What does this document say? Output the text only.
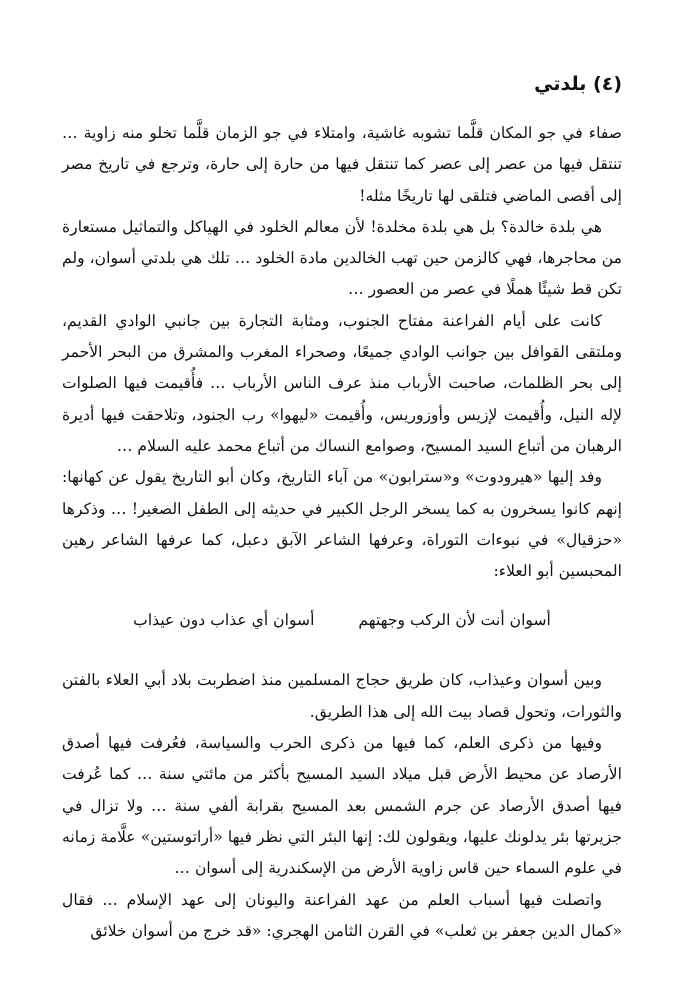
(٤) بلدتي

صفاء في جو المكان قلَّما تشوبه غاشية، وامتلاء في جو الزمان قلَّما تخلو منه زاوية … تنتقل فيها من عصر إلى عصر كما تنتقل فيها من حارة إلى حارة، وترجع في تاريخ مصر إلى أقصى الماضي فتلقى لها تاريخًا مثله!

هي بلدة خالدة؟ بل هي بلدة مخلدة! لأن معالم الخلود في الهياكل والتماثيل مستعارة من محاجرها، فهي كالزمن حين تهب الخالدين مادة الخلود … تلك هي بلدتي أسوان، ولم تكن قط شيئًا هملًا في عصر من العصور …

كانت على أيام الفراعنة مفتاح الجنوب، ومثابة التجارة بين جانبي الوادي القديم، وملتقى القوافل بين جوانب الوادي جميعًا، وصحراء المغرب والمشرق من البحر الأحمر إلى بحر الظلمات، صاحبت الأرباب منذ عرف الناس الأرباب … فأُقيمت فيها الصلوات لإله النيل، وأُقيمت لإزيس وأوزوريس، وأُقيمت «ليهوا» رب الجنود، وتلاحقت فيها أديرة الرهبان من أتباع السيد المسيح، وصوامع النساك من أتباع محمد عليه السلام …

وفد إليها «هيرودوت» و«سترابون» من آباء التاريخ، وكان أبو التاريخ يقول عن كهانها: إنهم كانوا يسخرون به كما يسخر الرجل الكبير في حديثه إلى الطفل الصغير! … وذكرها «حزقيال» في نبوءات التوراة، وعرفها الشاعر الآبق دعبل، كما عرفها الشاعر رهين المحبسين أبو العلاء:

أسوان أنت لأن الركب وجهتهم
أسوان أي عذاب دون عيذاب

وبين أسوان وعيذاب، كان طريق حجاج المسلمين منذ اضطربت بلاد أبي العلاء بالفتن والثورات، وتحول قصاد بيت الله إلى هذا الطريق.

وفيها من ذكرى العلم، كما فيها من ذكرى الحرب والسياسة، فعُرفت فيها أصدق الأرصاد عن محيط الأرض قبل ميلاد السيد المسيح بأكثر من مائتي سنة … كما عُرفت فيها أصدق الأرصاد عن جرم الشمس بعد المسيح بقرابة ألفي سنة … ولا تزال في جزيرتها بئر يدلونك عليها، ويقولون لك: إنها البئر التي نظر فيها «أراتوستين» علَّامة زمانه في علوم السماء حين قاس زاوية الأرض من الإسكندرية إلى أسوان …

واتصلت فيها أسباب العلم من عهد الفراعنة واليونان إلى عهد الإسلام … فقال «كمال الدين جعفر بن ثعلب» في القرن الثامن الهجري: «قد خرج من أسوان خلائق
